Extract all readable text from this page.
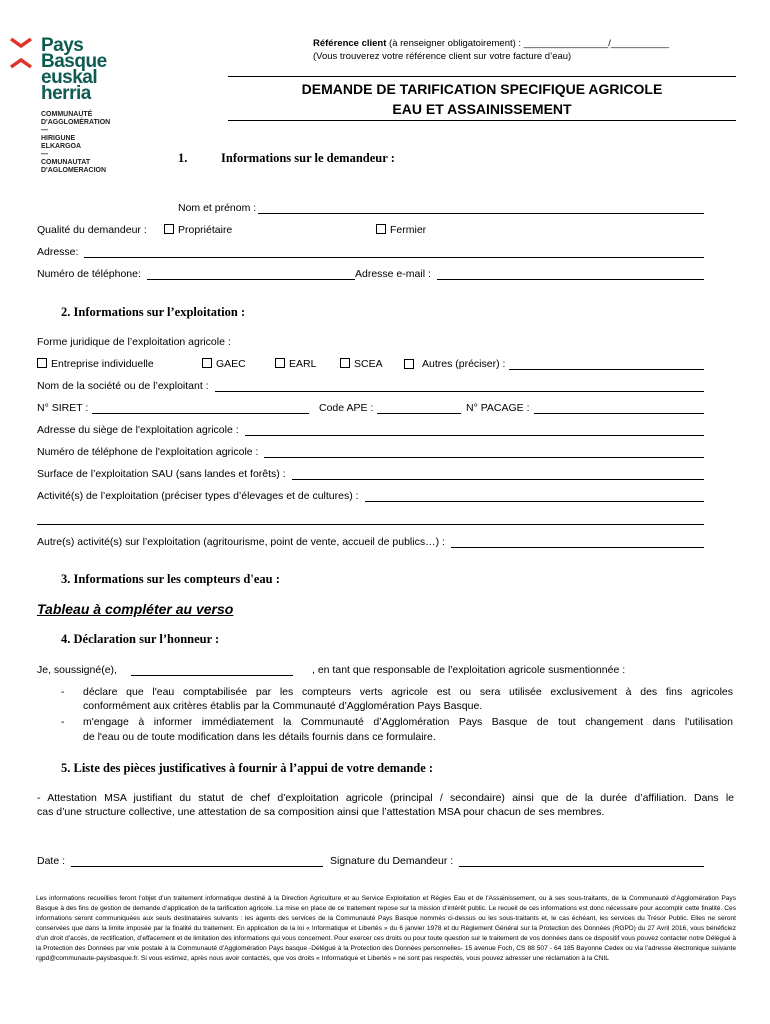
Pays
Basque
euskal
herria
COMMUNAUTÉ
D'AGGLOMÉRATION
—
HIRIGUNE
ELKARGOA
—
COMUNAUTAT
D'AGLOMERACION
Référence client (à renseigner obligatoirement) : ________________/___________
(Vous trouverez votre référence client sur votre facture d’eau)
DEMANDE DE TARIFICATION SPECIFIQUE AGRICOLE
EAU ET ASSAINISSEMENT
1.	Informations sur le demandeur :
Nom et prénom :
Qualité du demandeur :	Propriétaire	Fermier
Adresse:
Numéro de téléphone:	Adresse e-mail :
2. Informations sur l’exploitation :
Forme juridique de l’exploitation agricole :
Entreprise individuelle	GAEC	EARL	SCEA	Autres (préciser) :
Nom de la société ou de l’exploitant :
N° SIRET :	Code APE :	N° PACAGE :
Adresse du siège de l'exploitation agricole :
Numéro de téléphone de l'exploitation agricole :
Surface de l’exploitation SAU (sans landes et forêts) :
Activité(s) de l’exploitation (préciser types d’élevages et de cultures) :
Autre(s) activité(s) sur l’exploitation (agritourisme, point de vente, accueil de publics…) :
3. Informations sur les compteurs d'eau :
Tableau à compléter au verso
4. Déclaration sur l’honneur :
Je, soussigné(e),	, en tant que responsable de l'exploitation agricole susmentionnée :
- déclare que l'eau comptabilisée par les compteurs verts agricole est ou sera utilisée exclusivement à des fins agricoles
conformément aux critères établis par la Communauté d’Agglomération Pays Basque.
- m'engage à informer immédiatement la Communauté d’Agglomération Pays Basque de tout changement dans l'utilisation
de l'eau ou de toute modification dans les détails fournis dans ce formulaire.
5. Liste des pièces justificatives à fournir à l’appui de votre demande :
- Attestation MSA justifiant du statut de chef d’exploitation agricole (principal / secondaire) ainsi que de la durée d’affiliation. Dans le
cas d’une structure collective, une attestation de sa composition ainsi que l’attestation MSA pour chacun de ses membres.
Date :	Signature du Demandeur :
Les informations recueillies feront l’objet d’un traitement informatique destiné à la Direction Agriculture et au Service Exploitation et Régies Eau et de l'Assainissement, ou à ses sous-traitants, de la Communauté d’Agglomération Pays Basque à des fins de gestion de demande d’application de la tarification agricole. La mise en place de ce traitement repose sur la mission d’intérêt public. Le recueil de ces informations est donc nécessaire pour accomplir cette finalité. Ces informations seront communiquées aux seuls destinataires suivants : les agents des services de la Communauté Pays Basque nommés ci-dessus ou les sous-traitants et, le cas échéant, les services du Trésor Public. Elles ne seront conservées que dans la limite imposée par la finalité du traitement. En application de la loi « Informatique et Libertés » du 6 janvier 1978 et du Règlement Général sur la Protection des Données (RGPD) du 27 Avril 2016, vous bénéficiez d’un droit d’accès, de rectification, d’effacement et de limitation des informations qui vous concernent. Pour exercer ces droits ou pour toute question sur le traitement de vos données dans ce dispositif vous pouvez contacter notre Délégué à la Protection des Données par voie postale à la Communauté d’Agglomération Pays basque -Délégué à la Protection des Données personnelles- 15 avenue Foch, CS 88 507 - 64 185 Bayonne Cedex ou via l’adresse électronique suivante rgpd@communaute-paysbasque.fr. Si vous estimez, après nous avoir contactés, que vos droits « Informatique et Libertés » ne sont pas respectés, vous pouvez adresser une réclamation à la CNIL
